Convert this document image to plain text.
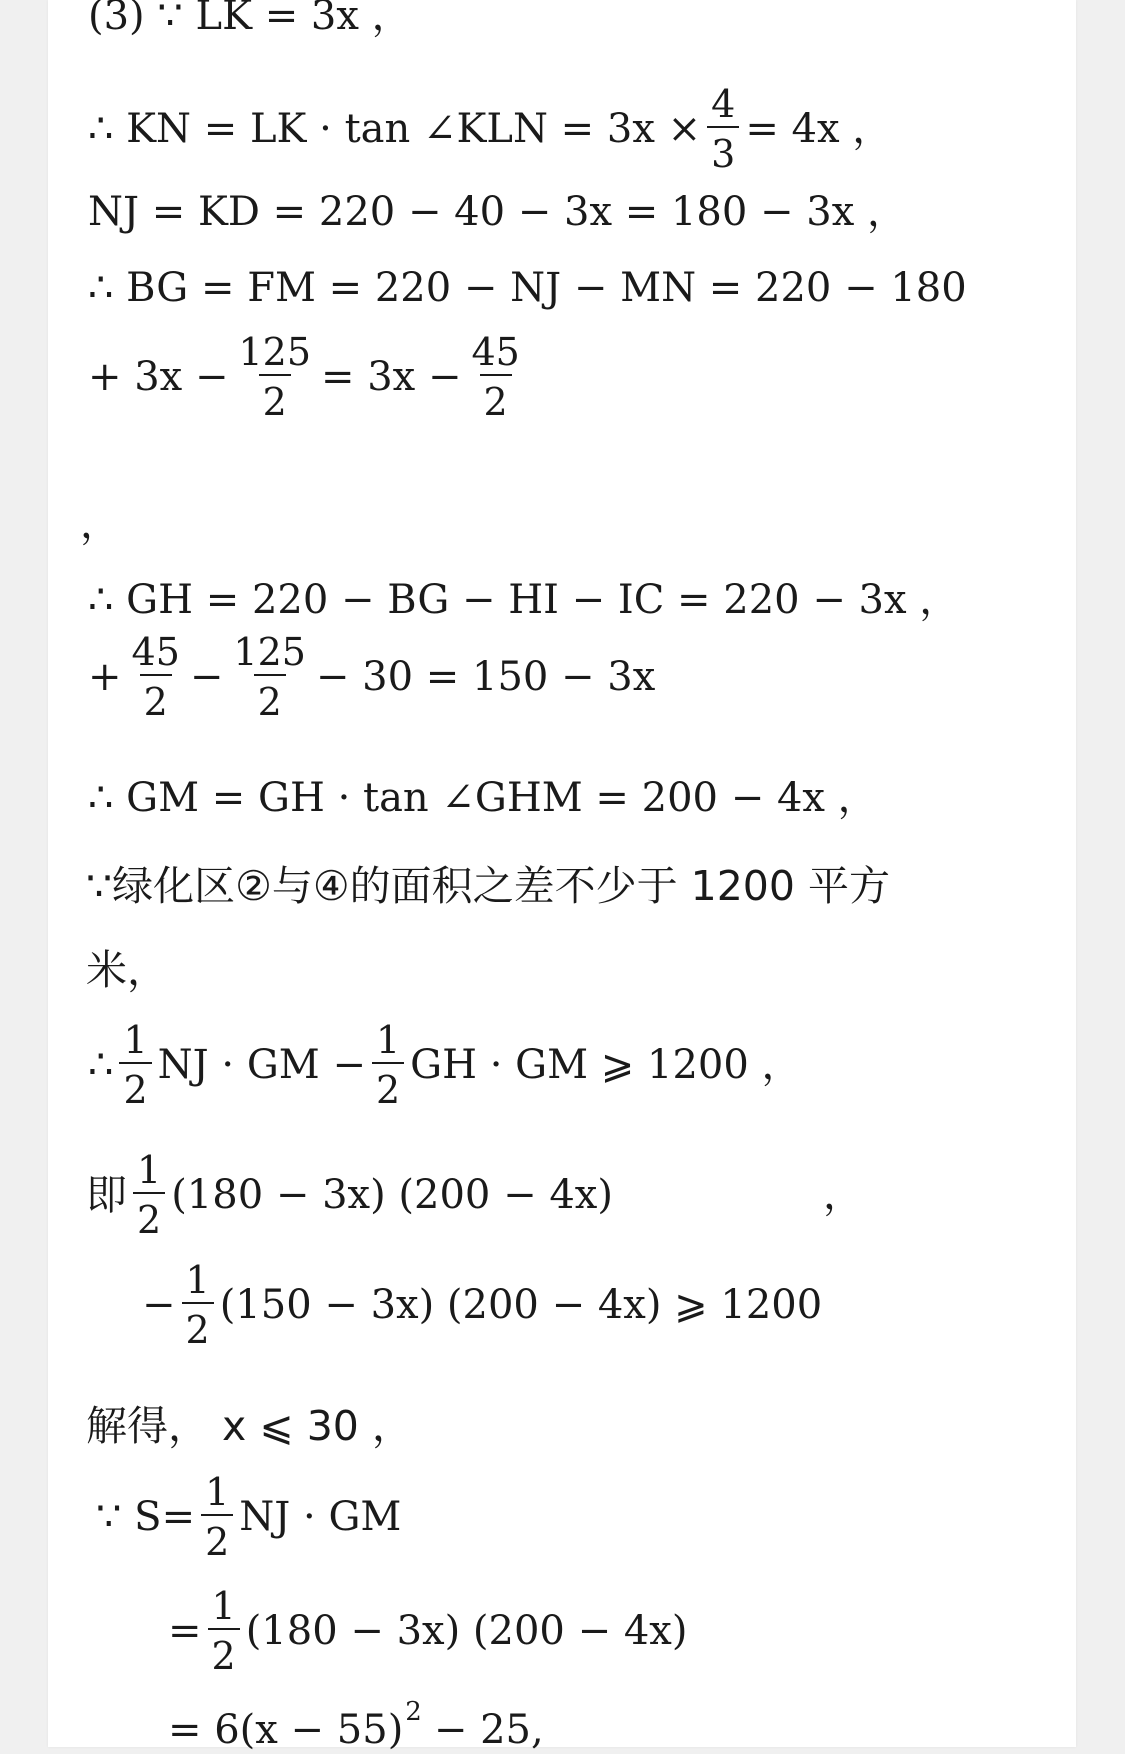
(3) ∵ LK = 3x ，
∴ KN = LK · tan ∠KLN = $3x \times \frac{4}{3} = 4x$ ，
NJ = KD = 220 − 40 − 3x = 180 − 3x ，
∴ BG = FM = 220 − NJ − MN = 220 − 180
+ $3x - \frac{125}{2} = 3x - \frac{45}{2}$
，
∴ GH = 220 − BG − HI − IC = 220 − 3x ，
+ $\frac{45}{2} - \frac{125}{2} - 30 = 150 - 3x$
∴ GM = GH · tan ∠GHM = 200 − 4x ，
∵绿化区②与④的面积之差不少于 1200 平方
米，
∴ $\frac{1}{2}$ NJ · GM − $\frac{1}{2}$ GH · GM ⩾ 1200 ，
即 $\frac{1}{2} (180 - 3x) (200 - 4x)$	，
− $\frac{1}{2} (150 - 3x) (200 - 4x)$ ⩾ 1200
解得， x ⩽ 30 ，
∵ $S= \frac{1}{2}$ NJ · GM
= $\frac{1}{2} (180 - 3x) (200 - 4x)$
= 6(x − 55) 2 − 25,
